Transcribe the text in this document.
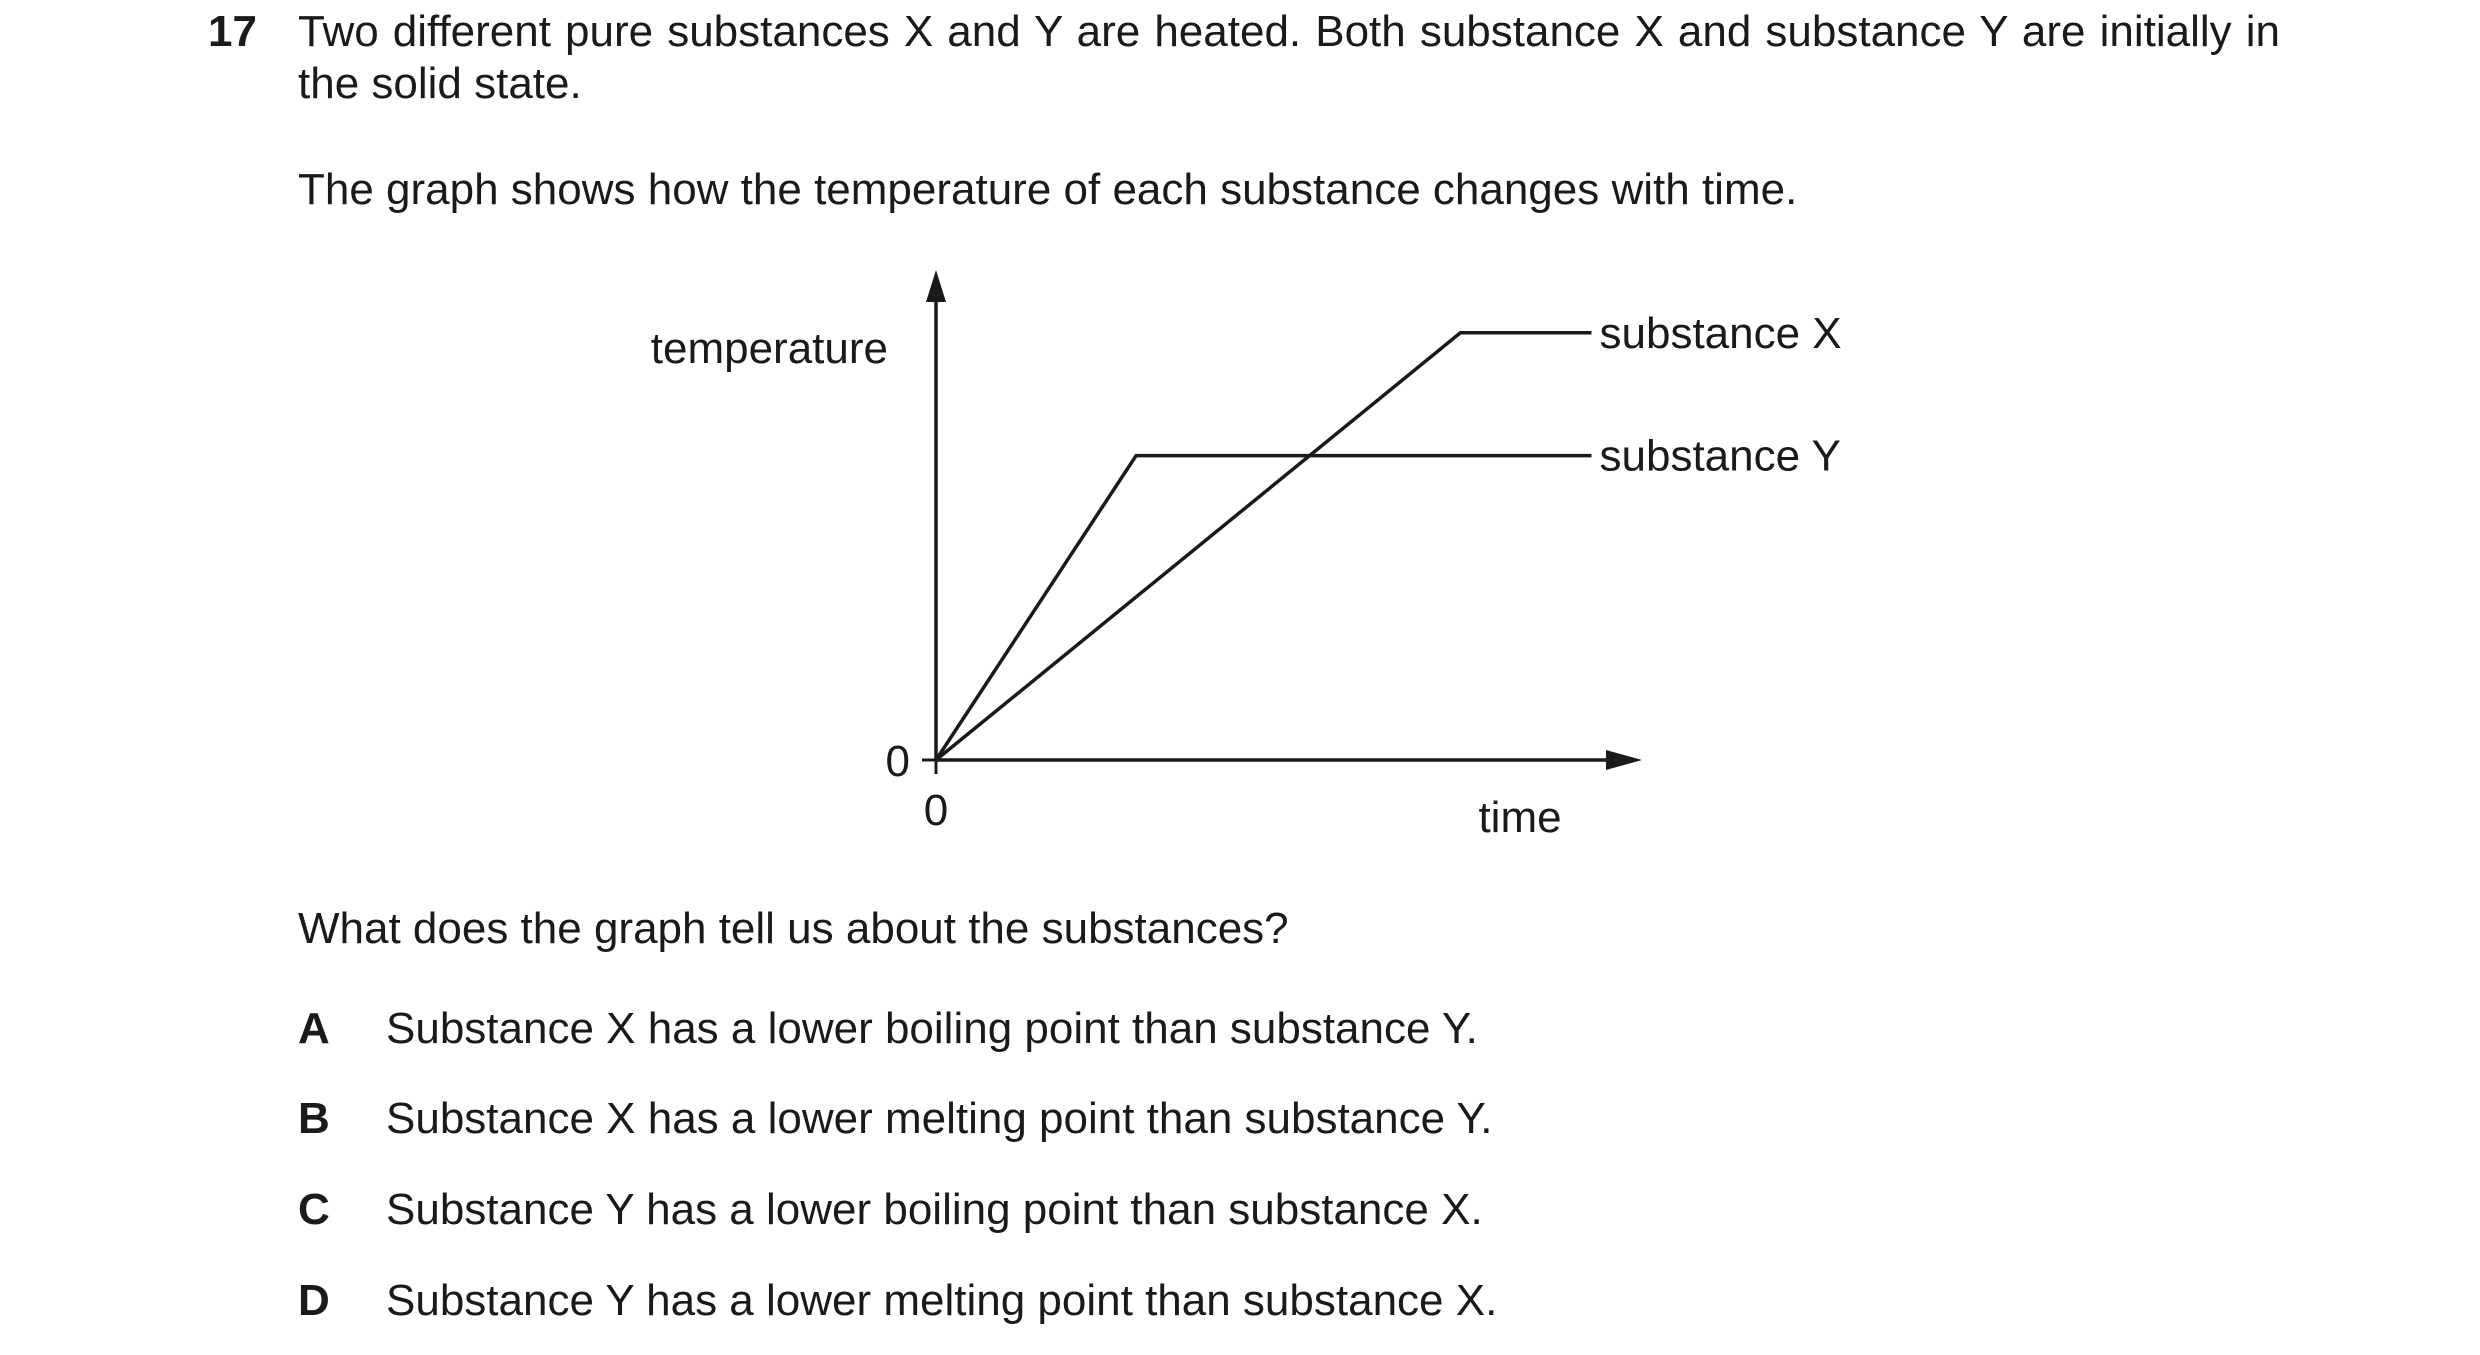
17 Two different pure substances X and Y are heated. Both substance X and substance Y are initially in the solid state.
The graph shows how the temperature of each substance changes with time.
temperature
time
0
0
substance X
substance Y
What does the graph tell us about the substances?
A Substance X has a lower boiling point than substance Y.
B Substance X has a lower melting point than substance Y.
C Substance Y has a lower boiling point than substance X.
D Substance Y has a lower melting point than substance X.
